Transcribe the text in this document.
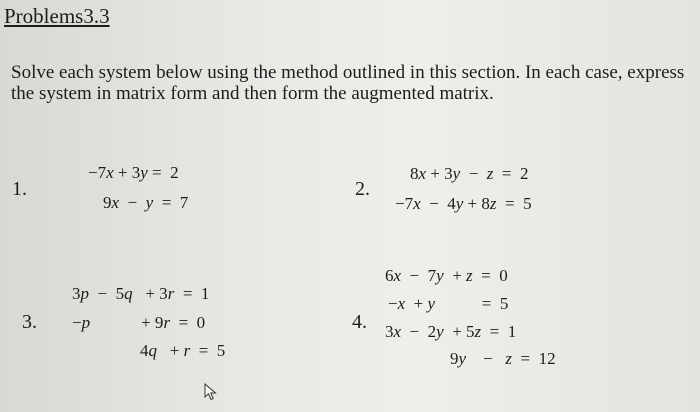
Problems3.3
Solve each system below using the method outlined in this section. In each case, express the system in matrix form and then form the augmented matrix.
1.
−7x + 3y =  2
9x  −  y  =  7
2.
8x + 3y  −  z  =  2
−7x  −  4y + 8z  =  5
3.
3p  −  5q   + 3r  =  1
−p            + 9r  =  0
4q   + r  =  5
4.
6x  −  7y  + z  =  0
−x  + y           =  5
3x  −  2y  + 5z  =  1
9y    −   z  =  12
